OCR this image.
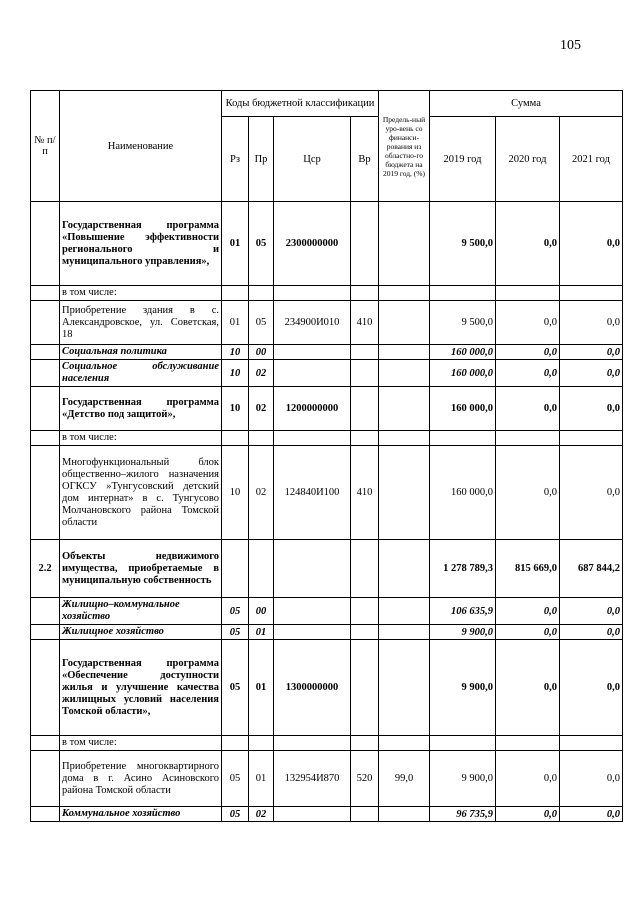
105
№ п/п	Наименование	Коды бюджетной классификации				Предель-ный уро-вень со финанси-рования из областно-го бюджета на 2019 год, (%)	Сумма		
		Рз	Пр	Цср	Вр		2019 год	2020 год	2021 год
	Государственная программа «Повышение эффективности регионального и муниципального управления»,	01	05	2300000000			9 500,0	0,0	0,0
	в том числе:								
	Приобретение здания в с. Александровское, ул. Советская, 18	01	05	234900И010	410		9 500,0	0,0	0,0
	Социальная политика	10	00				160 000,0	0,0	0,0
	Социальное обслуживание населения	10	02				160 000,0	0,0	0,0
	Государственная программа «Детство под защитой»,	10	02	1200000000			160 000,0	0,0	0,0
	в том числе:								
	Многофункциональный блок общественно–жилого назначения ОГКСУ »Тунгусовский детский дом интернат» в с. Тунгусово Молчановского района Томской области	10	02	124840И100	410		160 000,0	0,0	0,0
2.2	Объекты недвижимого имущества, приобретаемые в муниципальную собственность						1 278 789,3	815 669,0	687 844,2
	Жилищно–коммунальное хозяйство	05	00				106 635,9	0,0	0,0
	Жилищное хозяйство	05	01				9 900,0	0,0	0,0
	Государственная программа «Обеспечение доступности жилья и улучшение качества жилищных условий населения Томской области»,	05	01	1300000000			9 900,0	0,0	0,0
	в том числе:								
	Приобретение многоквартирного дома в г. Асино Асиновского района Томской области	05	01	132954И870	520	99,0	9 900,0	0,0	0,0
	Коммунальное хозяйство	05	02				96 735,9	0,0	0,0
